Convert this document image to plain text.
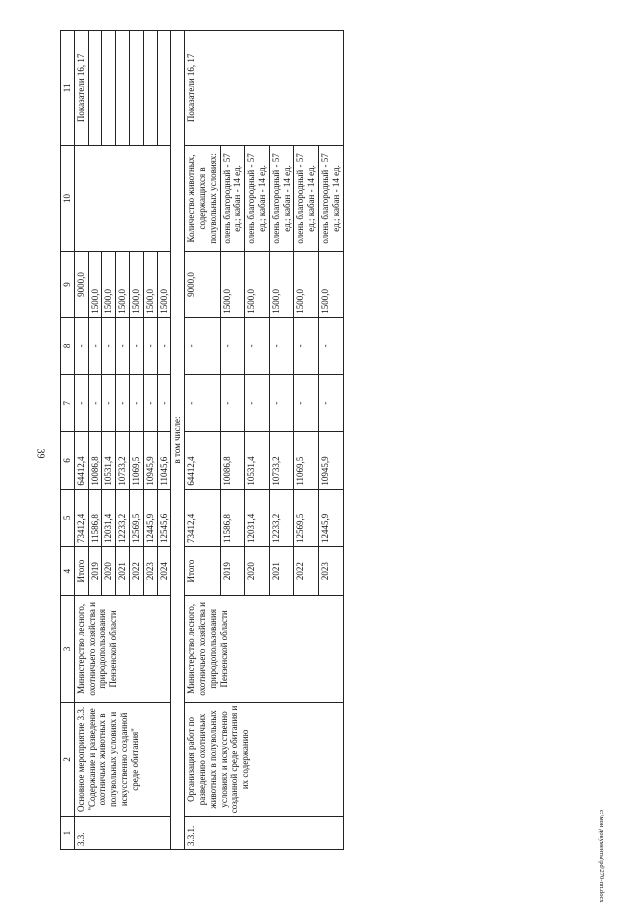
39
c:\мои документы\pd\270-пп.docx
1	2	3	4	5	6	7	8	9	10	11
3.3.	Основное мероприятие 3.3. "Содержание и разведение охотничьих животных в полувольных условиях и искусственно созданной среде обитания"	Министерство лесного, охотничьего хозяйства и природопользования Пензенской области	Итого	73412,4	64412,4	-	-	9000,0		Показатели 16, 17
			2019	11586,8	10086,8	-	-	1500,0		
			2020	12031,4	10531,4	-	-	1500,0		
			2021	12233,2	10733,2	-	-	1500,0		
			2022	12569,5	11069,5	-	-	1500,0		
			2023	12445,9	10945,9	-	-	1500,0		
			2024	12545,6	11045,6	-	-	1500,0		
в том числе:										
3.3.1.	Организация работ по разведению охотничьих животных в полувольных условиях и искусственно созданной среде обитания и их содержанию	Министерство лесного, охотничьего хозяйства и природопользования Пензенской области	Итого	73412,4	64412,4	-	-	9000,0	Количество животных, содержащихся в полувольных условиях:	Показатели 16, 17
			2019	11586,8	10086,8	-	-	1500,0	олень благородный - 57 ед.; кабан - 14 ед.	
			2020	12031,4	10531,4	-	-	1500,0	олень благородный - 57 ед.; кабан - 14 ед.	
			2021	12233,2	10733,2	-	-	1500,0	олень благородный - 57 ед.; кабан - 14 ед.	
			2022	12569,5	11069,5	-	-	1500,0	олень благородный - 57 ед.; кабан - 14 ед.	
			2023	12445,9	10945,9	-	-	1500,0	олень благородный - 57 ед.; кабан - 14 ед.	
